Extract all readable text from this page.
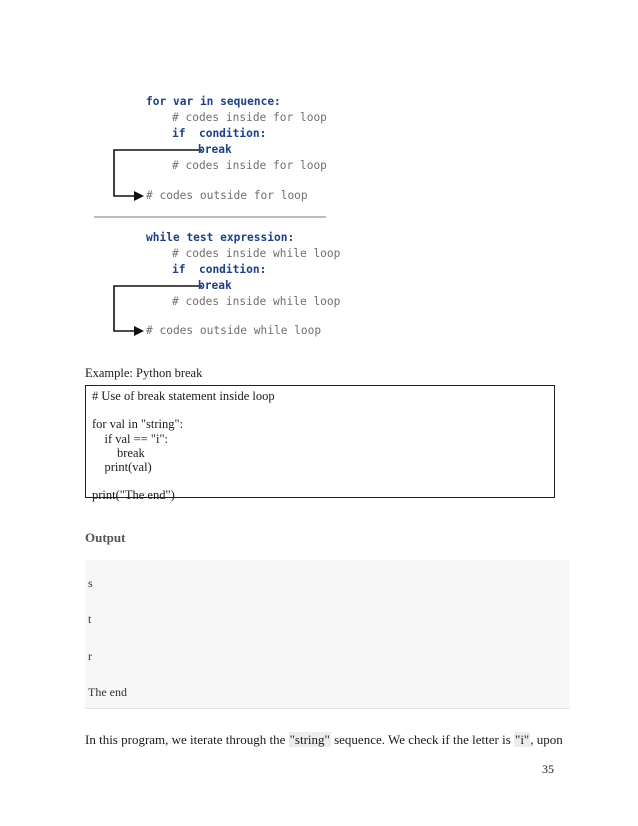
for var in sequence:
# codes inside for loop
if condition:
break
# codes inside for loop
# codes outside for loop
while test expression:
# codes inside while loop
if condition:
break
# codes inside while loop
# codes outside while loop
Example: Python break
# Use of break statement inside loop

for val in "string":
if val == "i":
break
print(val)

print("The end")
Output
s
t
r
The end
In this program, we iterate through the "string" sequence. We check if the letter is "i", upon
35
